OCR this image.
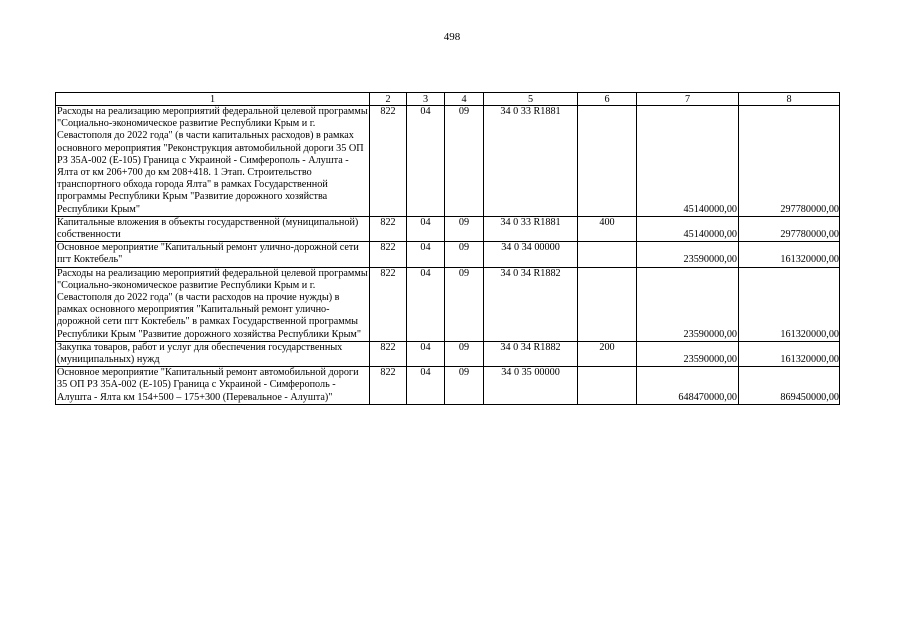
498
1	2	3	4	5	6	7	8
Расходы на реализацию мероприятий федеральной целевой программы "Социально-экономическое развитие Республики Крым и г. Севастополя до 2022 года" (в части капитальных расходов) в рамках основного мероприятия "Реконструкция автомобильной дороги 35 ОП РЗ 35А-002 (Е-105) Граница с Украиной - Симферополь - Алушта - Ялта от км 206+700 до км 208+418. 1 Этап. Строительство транспортного обхода города Ялта" в рамках Государственной программы Республики Крым "Развитие дорожного хозяйства Республики Крым"	822	04	09	34 0 33 R1881		45140000,00	297780000,00
Капитальные вложения в объекты государственной (муниципальной) собственности	822	04	09	34 0 33 R1881	400	45140000,00	297780000,00
Основное мероприятие "Капитальный ремонт улично-дорожной сети пгт Коктебель"	822	04	09	34 0 34 00000		23590000,00	161320000,00
Расходы на реализацию мероприятий федеральной целевой программы "Социально-экономическое развитие Республики Крым и г. Севастополя до 2022 года" (в части расходов на прочие нужды) в рамках основного мероприятия "Капитальный ремонт улично-дорожной сети пгт Коктебель" в рамках Государственной программы Республики Крым "Развитие дорожного хозяйства Республики Крым"	822	04	09	34 0 34 R1882		23590000,00	161320000,00
Закупка товаров, работ и услуг для обеспечения государственных (муниципальных) нужд	822	04	09	34 0 34 R1882	200	23590000,00	161320000,00
Основное мероприятие "Капитальный ремонт автомобильной дороги 35 ОП РЗ 35А-002 (Е-105) Граница с Украиной - Симферополь - Алушта - Ялта км 154+500 – 175+300 (Перевальное - Алушта)"	822	04	09	34 0 35 00000		648470000,00	869450000,00
